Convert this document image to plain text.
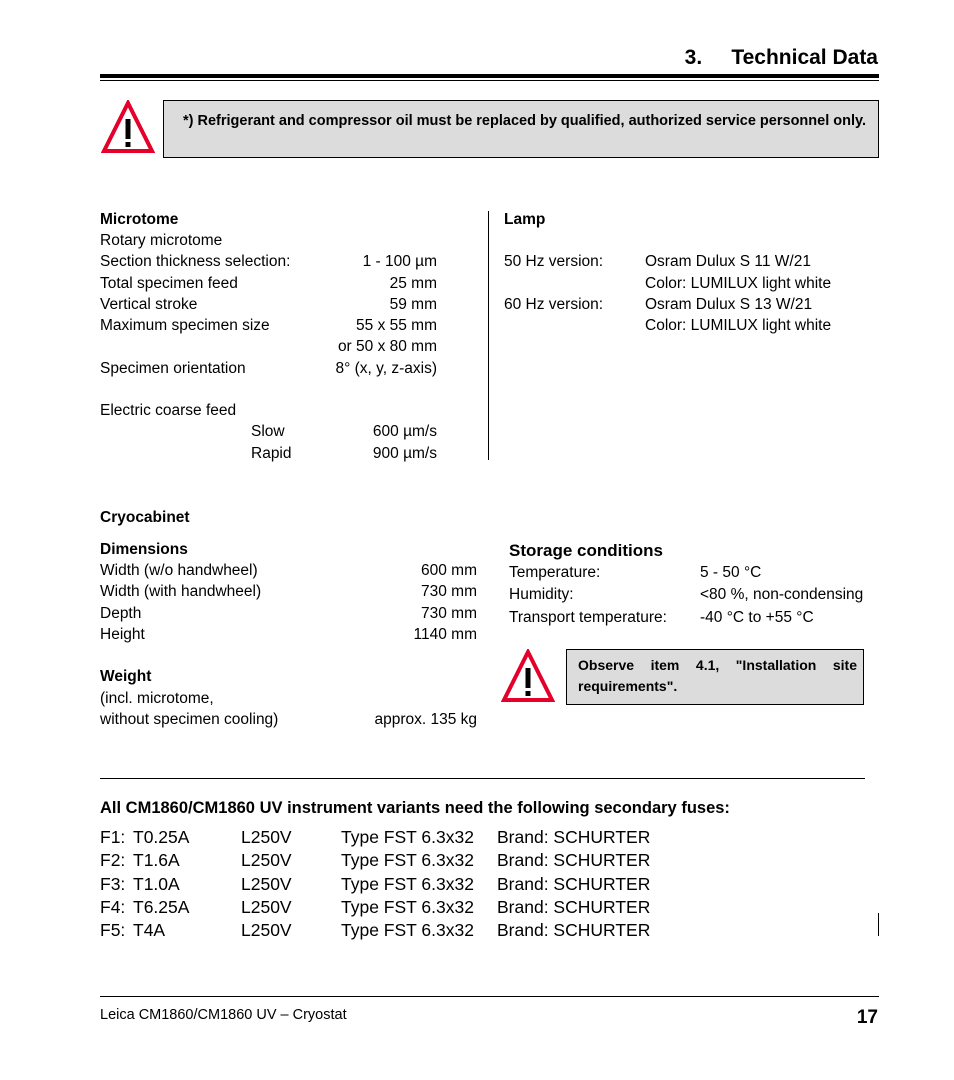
3.     Technical Data
*) Refrigerant and compressor oil must be replaced by qualified, authorized service personnel only.
Microtome
Rotary microtome
Section thickness selection:	1 - 100 µm
Total specimen feed	25 mm
Vertical stroke	59 mm
Maximum specimen size	55 x 55 mm
or 50 x 80 mm
Specimen orientation	8° (x, y, z-axis)
Electric coarse feed
Slow	600 µm/s
Rapid	900 µm/s
Lamp
50 Hz version:	Osram Dulux S 11 W/21
Color: LUMILUX light white
60 Hz version:	Osram Dulux S 13 W/21
Color: LUMILUX light white
Cryocabinet
Dimensions
Width (w/o handwheel)	600 mm
Width (with handwheel)	730 mm
Depth	730 mm
Height	1140 mm
Weight
(incl. microtome,
without specimen cooling)	approx. 135 kg
Storage conditions
Temperature:	5 - 50 °C
Humidity:	<80 %, non-condensing
Transport temperature: -40 °C to +55 °C
Observe item 4.1, "Installation site requirements".
All CM1860/CM1860 UV instrument variants need the following secondary fuses:
F1: T0.25A	L250V	Type FST 6.3x32 Brand: SCHURTER
F2: T1.6A	L250V	Type FST 6.3x32 Brand: SCHURTER
F3: T1.0A	L250V	Type FST 6.3x32 Brand: SCHURTER
F4: T6.25A	L250V	Type FST 6.3x32 Brand: SCHURTER
F5: T4A	L250V	Type FST 6.3x32 Brand: SCHURTER
Leica CM1860/CM1860 UV – Cryostat	17
